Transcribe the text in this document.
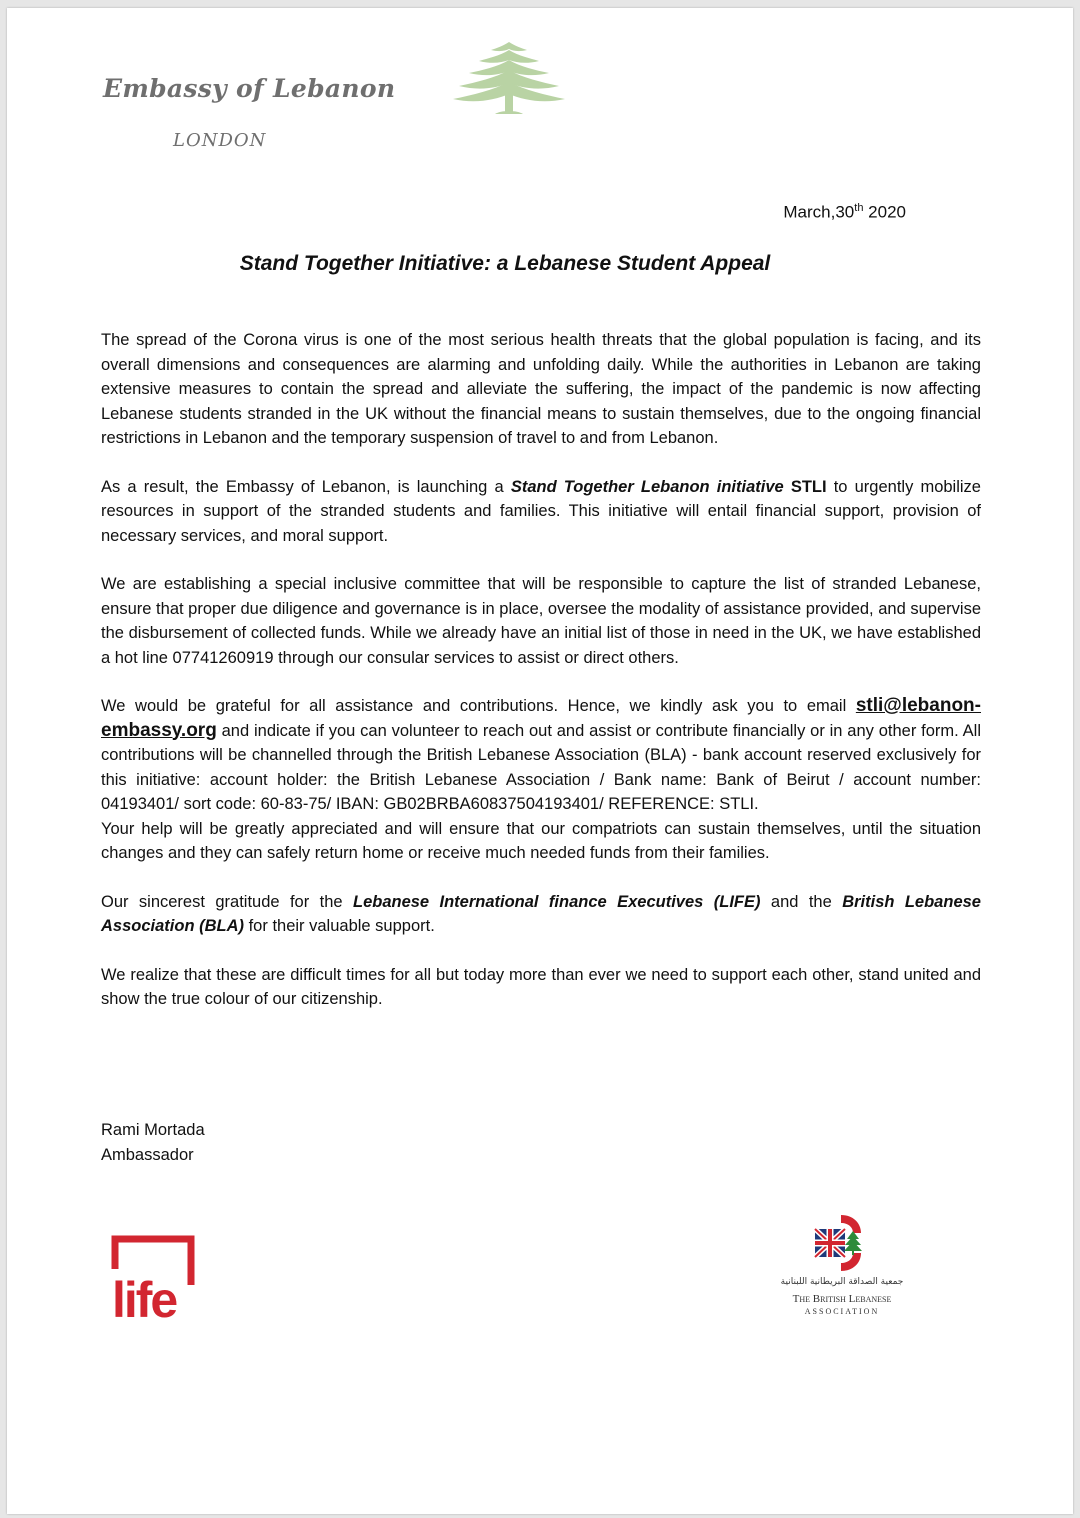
Embassy of Lebanon
LONDON
March,30th 2020
Stand Together Initiative: a Lebanese Student Appeal

The spread of the Corona virus is one of the most serious health threats that the global population is facing, and its overall dimensions and consequences are alarming and unfolding daily. While the authorities in Lebanon are taking extensive measures to contain the spread and alleviate the suffering, the impact of the pandemic is now affecting Lebanese students stranded in the UK without the financial means to sustain themselves, due to the ongoing financial restrictions in Lebanon and the temporary suspension of travel to and from Lebanon.

As a result, the Embassy of Lebanon, is launching a Stand Together Lebanon initiative STLI to urgently mobilize resources in support of the stranded students and families. This initiative will entail financial support, provision of necessary services, and moral support.

We are establishing a special inclusive committee that will be responsible to capture the list of stranded Lebanese, ensure that proper due diligence and governance is in place, oversee the modality of assistance provided, and supervise the disbursement of collected funds. While we already have an initial list of those in need in the UK, we have established a hot line 07741260919 through our consular services to assist or direct others.

We would be grateful for all assistance and contributions. Hence, we kindly ask you to email stli@lebanon-embassy.org and indicate if you can volunteer to reach out and assist or contribute financially or in any other form. All contributions will be channelled through the British Lebanese Association (BLA) - bank account reserved exclusively for this initiative: account holder: the British Lebanese Association / Bank name: Bank of Beirut / account number: 04193401/ sort code: 60-83-75/ IBAN: GB02BRBA60837504193401/ REFERENCE: STLI.

Your help will be greatly appreciated and will ensure that our compatriots can sustain themselves, until the situation changes and they can safely return home or receive much needed funds from their families.

Our sincerest gratitude for the Lebanese International finance Executives (LIFE) and the British Lebanese Association (BLA) for their valuable support.

We realize that these are difficult times for all but today more than ever we need to support each other, stand united and show the true colour of our citizenship.

Rami Mortada
Ambassador
life	جمعية الصداقة البريطانية اللبنانية
The British Lebanese
ASSOCIATION
